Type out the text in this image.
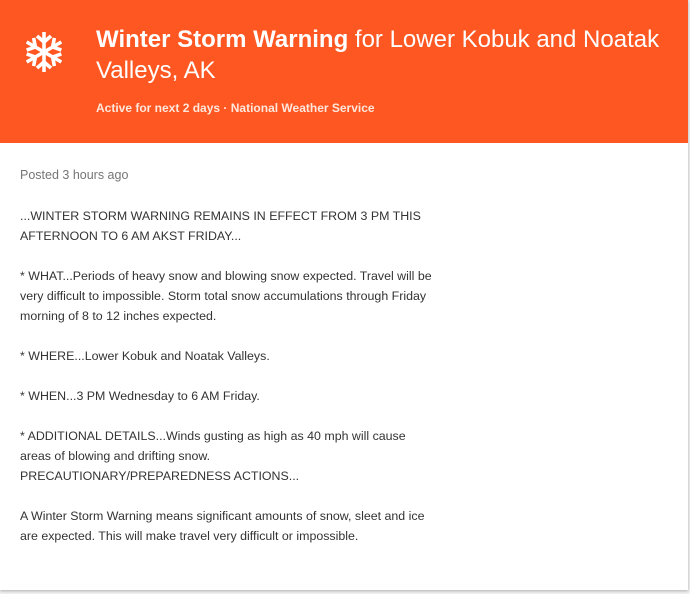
Winter Storm Warning for Lower Kobuk and Noatak Valleys, AK
Active for next 2 days · National Weather Service
Posted 3 hours ago

...WINTER STORM WARNING REMAINS IN EFFECT FROM 3 PM THIS AFTERNOON TO 6 AM AKST FRIDAY...

* WHAT...Periods of heavy snow and blowing snow expected. Travel will be very difficult to impossible. Storm total snow accumulations through Friday morning of 8 to 12 inches expected.

* WHERE...Lower Kobuk and Noatak Valleys.

* WHEN...3 PM Wednesday to 6 AM Friday.

* ADDITIONAL DETAILS...Winds gusting as high as 40 mph will cause areas of blowing and drifting snow.
PRECAUTIONARY/PREPAREDNESS ACTIONS...

A Winter Storm Warning means significant amounts of snow, sleet and ice are expected. This will make travel very difficult or impossible.
